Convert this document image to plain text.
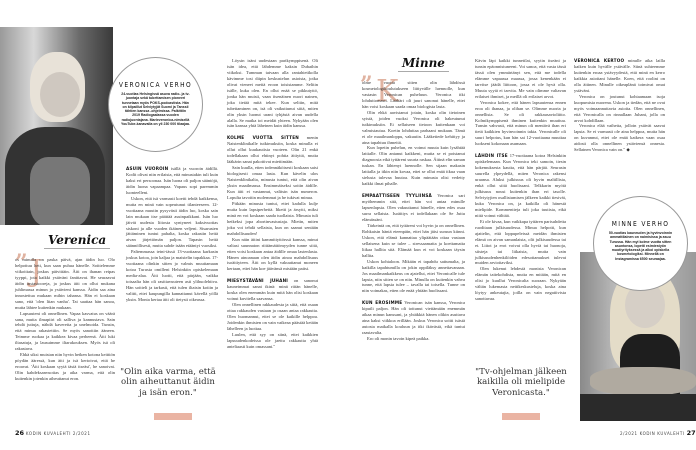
VERONICA VERHO

24-vuotias Helsingissä asuva radio- ja tv-juontaja sekä tubettamisen pioneeri tunnetaan myös POKS-podcastista. Hän on kilpaillut Selviytyjät Suomi ja Tanssii tähtien kanssa -ohjelmissa. Palkittiin 2019 Radiogaalassa vuoden radiojuontajana. Marieveronica-nimisellä YouTube-kanavalla on yli 230 000 tilaajaa.

Löysin isäni uudestaan parikymppisenä. Oli isän idea, että lähdemme kaksin Dubaihin viikoksi. Tumman taivaan alla rantahietikolla kävimme tosi diipin keskustelun asioista, jotka olivat vieneet meitä eroon toisistamme. Selitin isälle, kuka olen. En ollut enää se pikkutyttö, jonka hän muisti, vaan itsenäinen nuori nainen, joka tietää mitä tekee. Kun selitin, mitä tubettaminen on, isä oli vaikuttunut siitä, miten olin yksin luonut urani tyhjästä aivan uudella alalla. Se matka toi meidät yhteen. Nykyään olen isän kanssa yhtä läheinen kuin äidin kanssa.

KOLME VUOTTA SITTEN menin Naistenklinikalle tutkimuksiin, koska minulla ei ollut ollut kuukautisia vuoteen. Olin 21 enkä todellakaan ollut ehtinyt pohtia äitiyttä, mutta lääkärin sanat pakottivat miettimään.

Sain kuulla, etten todennäköisesti koskaan saisi biologisesti omaa lasta. Kun kävelin ulos Naistenklinikalta, minusta tuntui, että olin aivan yksin maailmassa. Ensimmäiseksi soitin äidille. Kun äiti ei vastannut, valitsin isän numeron. Lopulta tavoitin molemmat ja he tukivat minua.

Pitkään minusta tuntui, ettei kadulla kulje muita kuin lapsiperheitä. Itketti ja ärsytti, miksi minä en voi koskaan saada tuollaista. Minusta tuli hetkeksi jopa abortinvastustaja. Mietin, miten joku voi tehdä sellaista, kun on saanut sentään mahdollisuuden!

Kun näin äitini kammittyttörssä kanssa, minut valtasi suunnaton riittämättömyyden tunne siitä, etten voisi koskaan antaa äidille omaa lastenlasta. Hänen ainoanaan olen äidin ainoa mahdollisuus isoäitiyteen. Äiti on kyllä vakuuttanut moneen kertaan, ettei hän koe jäävänsä mistään paitsi.

MIESYSTÄVÄNI JUHANI on sanonut kauneimmat sanat ikinä: minä riitän hänelle, koska olen enemmän kuin mitä hän olisi koskaan voinut kuvitella saavansa.

Olen onnellinen rakkaudesta ja siitä, että osaan ottaa rakkauden vastaan ja osaan antaa rakkautta. Olen huomannut, ettei se ole kaikille helppoa. Joidenkin ihmisten on vain vaikeaa päästää ketään lähelleen ja luottaa.

Luulen, että syy on siinä, ettei kaikkien lapsuudenkodeissa ole jaettu rakkautta yhtä anteliaasti kuin omassani."

ASUIN VUOROIN isällä ja vuoroin äidillä. Kodit olivat niin erilaisia, että minustakin tuli kuin kaksi eri persoonaa. Isän luona oli paljon sääntöjä, äidin luona vapaampaa. Vapaus sopi paremmin luonteelleni.

Uskon, että isä varmasti koetti tehdä kaikkensa, mutta en minä vain sopeutunut tilanteeseen. 12-vuotiaana muutin pysyvästi äidin luo, koska sain lain mukaan itse päättää asuinpaikkani. Isän luo jäivät uudesta liitosta syntyneet kaksivuotias siskoni ja alle vuoden ikäinen veljeni. Sisarusten jättäminen tuntui pahalta, koska rakastin heitä aivan järjettömän paljon. Tapasin heitä säännöllisesti, mutta suhde isään etääntyi vuosiksi.

Paltemmassa teini-iässä 13-vuotiaana karkasin joskus kotoa, join kaljaa ja maistelin tupakkaa. 17-vuotiaana olinkin sitten jo valmis muuttamaan kotoa Turusta omilleni Helsinkiin opiskelemaan media-alaa. Äiti luotti, että pärjään, vaikka toisaalta hän oli rasittavuuteen asti ylihuolehtiva. Hän soitteli ja tarkasti, että tulen iltaisin kotiin ja valitti, ettei kaupungilla kannattanut kävellä yöllä yksin. Monta kertaa äiti oli tietysti oikeassa.

Verenica
” J

os minulla on paska päivä, ajan äidin luo. Olo helpottuu heti, kun saan puhua hänelle. Soittelemme viikoittain, joskus päivittäin. Äiti on ihanan reipas tyyppi, jota kaikki ystäväni fanittavat. He seuraavat äidin instastooreja, ja joskus äiti on ollut mukana juhlimassa minun ja ystävieni kanssa. Äidin saa aina innostettua mukaan mihin tahansa. Hän ei koskaan sano, että 'olen liian vanha'. Tai saattaa hän sanoa, mutta lähtee kuitenkin mukaan.

Lapsuuteni oli onnellinen. Vapaa kasvatus on väärä sana, mutta ilmapiiri oli salliva ja kannustava. Sain tehdä juttuja, nähdä kavereita ja unelmoida. Tunsin, että minua rakastettiin. Se myös sanottiin ääneen. Teimme ruokaa ja kaikkea kivaa perheenä. Äiti luki iltasatuja, ja lausuimme iltarukouksen. Myös isä oli rakastava.

Ehkä siksi muistan niin hyvin hetken kotona keittiön pöydän ääressä, kun äiti ja isä kertoivat, että he eroavat. 'Äiti koskaan syytä tästä itseäsi', he sanoivat. Olin kahdeksanvuotias ja aika varma, että olin kuitenkin jotenkin aiheuttanut eron.

"Olin aika varma, että olin aiheuttanut äidin ja isän eron."
26 KODIN KUVALEHTI 2/2021
Minne
” K

olme vuotta sitten olin lähdössä kosmetologikoulutukseen liittyvälle luennolle, kun vastasin Veronican puheluun. Veronica itki lohduttomasti. Lääkäri oli juuri sanonut hänelle, ettei hän voisi koskaan saada omaa biologista lasta.

Olin ehkä aavistanut jotain, koska olin tietoinen syistä, joiden vuoksi Veronica oli hakeutunut tutkimuksiin. Ei sellaiseen tietoon kuitenkaan voi valmistautua. Koetin lohduttaa parhaani mukaan. Tämä ei ole maailmanloppu, vakuutin. Lääketiede kehittyy ja aina tapahtuu ihmeitä.

Kun lopetin puhelun, en voinut muuta kuin lysähtää lattialle. Olin antanut kaikkeni, mutta se ei poistanut diagnoosia eikä tyttäreni suurta raskaa. Äitinä elin saman tuskan. En lähtenyt luennolle. Sen sijaan makasin lattialla ja itkin niin kovaa, ettei se ollut enää itkua vaan sielusta tulevaa huutoa. Kuin minusta olisi vedetty kaikki ilmat pihalle.

EMPAATTISEEN TYYLIINSÄ Veronica sari myöhemmin sitä, ettei hän voi antaa minulle lapsenlapsia. Olen vakuuttanut hänelle, etten edes osaa surra sellaista. Isoäitiys ei todellakaan ole Se Juttu elämässäni.

Tärkeintä on, että tyttäreni voi hyvin ja on onnellinen. Rohkaisin häntä eteenpäin, ettei hän jäisi suruun kiinni. Uskon, että elämä kannattaa ylipäätään ottaa vastaan sellaisena kuin se tulee – stressaamatta ja koettamatta liikaa hallita sitä. Elämää kun ei voi koskaan täysin hallita.

Uskon kohtaloon. Mikään ei tapahdu sattumalta, ja kaikilla tapahtumilla on jokin oppiläksy annettavanaan. Jos maailmankaikkeus on ajatellut, ettei Veronicalle tule lapsia, niin sitten se on niin. Minulla on kuitenkin vahva tunne, että lapsia tulee – tavalla tai toisella. Tunne on niin voimakas, etten ole enää yhtään huolissani.

KUN EROSIMME Veronican isän kanssa, Veronica kipuili paljon. Hän oli tottunut viettämään enemmän aikaa minun kanssani, ja yhtäkkiä hänen olikin asuttava aina kaksi viikkoa erillään. Joskus Veronica soitti isästä autosta matkalla kouluun ja itki ikävästä, eikä tuntui raastavalta.

Ero oli monin tavoin kipeä paikka.

Kävin läpi kaikki tunnetilat, syytin itseäni ja tunsin epäonnistuneeni. Voi sanoa, että vasta tässä iässä olen ymmärtänyt sen, että me todella elämme vapaassa maassa, jossa kenenkään ei tarvitse jäädä liittoon, jossa ei ole hyvä olla. Muuta syytä ei tarvita. Me vain olimme valtavan erilaiset ihmiset, ja meillä oli erilaiset arvot.

Veronica kokee, että hänen lapsuutensa ennen eroa oli ihanaa, ja olihan se. Olimme nuoria ja onnellisia. Se oli rakkausavioliitto. Kolmikymppisenä ihminen kuitenkin muuttuu. Tunsin vahvasti, että minun oli mentävä ihan eri tietä kaikkien hyvinvoinnin takia. Veronicalle oli suuri helpotus, kun hän sai 12-vuotiaana muuttaa luokseni kokonaan asumaan.

LÄHDIN ITSE 17-vuotiaana kotoa Helsinkiin opiskelemaan. Kun Veronica teki samoin, tiesin kokemuksesta kautta, että hän pärjää. Seurasin suurella ylpeydellä, miten Veronica rakensi uraansa. Aluksi julkisuus oli hyvin maltillista, enkä ollut siitä huolissani. Telkkarin myötä julkisuus nousi kuitenkin ihan eri tasolle. Selviytyjien osallistumisen jälkeen kaikki tiesivät, kuka Veronica on, ja kaikilla oli hänestä mielipide. Kommentteja tuli joka tuutista, eikä niitä voinut välttää.

Ei ole kivaa, kun vaikkapa tyttären parisuhdetta ruoditaan julkisuudessa. Minua helpotti, kun ajattelin, että loppupeleissä meidän ihmisten elämä on aivan samanlaista, olit julkisuudessa tai et. Liitot ja erot voivat olla hyviä tai huonoja, siisteja tai liikaisia, mutta vain julkisuudenhenkilöiden edesottamukset tulevat muiden arvioitaviksi.

Olen lukenut lehdestä monista Veronican elämän taitekohdista, mutta en mitään, mitä en olisi jo kuullut Veronicalta suoraan. Nykyään vältän lukemasta nettikeskusteluja, koska aina löytyy ankeutajia, joilla on vain negatiivista sanottavaa.

"Tv-ohjelman jälkeen kaikilla oli mielipide Veronicasta."

VERONICA KERTOO minulle aika lailla kaiken kuin hyvälle ystävälle. Siinä suhteemme kuitenkin eroaa ystävyydestä, että minä en kerro kaikkia asioitani hänelle. Koen, että roolini on olla äitinen. Minulle oikeaplänä toimivat omat ystäväni.

Veronica on joutunut kohtaamaan isoja kuopumisia nuorena. Uskon ja tiedän, että ne ovat myös voimaannuttavia asioita. Olen onnellinen, että Veronicalla on rinnallaan Juhani, jolla on arvot kohdillaan.

Veronica elää vaihetta, jolloin ystävät saavat lapsia. Se ei varmasti ole aina helppoa, mutta hän on kuvannut, ettei ole enää katkera vaan osaa aidosti olla onnellinen ystäviensä onnesta. Sellainen Veronica vain on." ◆

MINNE VERHO

50-vuotias kauneuden ja hyvinvoinnin ammattilainen on naimisissa ja asuu Turussa. Hän myi kolme vuotta sitten asuntonsa, lopetti esimiestyön muotiyrityksessä ja alkoi opiskella kosmetologiksi. Minnellä on Instagramissa 6500 seuraajaa.

2/2021 KODIN KUVALEHTI 27
